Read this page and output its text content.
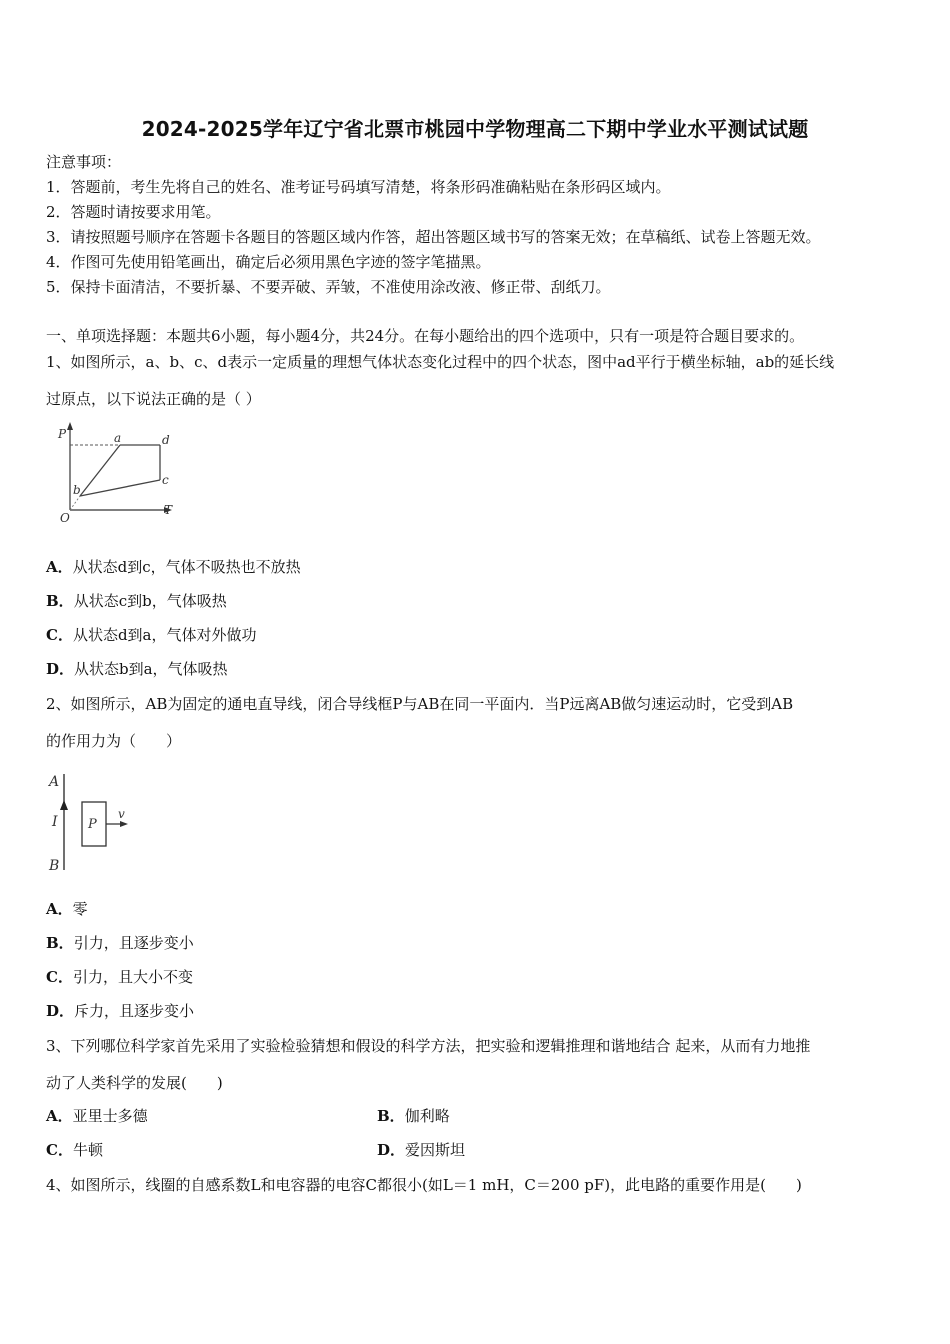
2024-2025学年辽宁省北票市桃园中学物理高二下期中学业水平测试试题
注意事项：
1．答题前，考生先将自己的姓名、准考证号码填写清楚，将条形码准确粘贴在条形码区域内。
2．答题时请按要求用笔。
3．请按照题号顺序在答题卡各题目的答题区域内作答，超出答题区域书写的答案无效；在草稿纸、试卷上答题无效。
4．作图可先使用铅笔画出，确定后必须用黑色字迹的签字笔描黑。
5．保持卡面清洁，不要折暴、不要弄破、弄皱，不准使用涂改液、修正带、刮纸刀。
一、单项选择题：本题共6小题，每小题4分，共24分。在每小题给出的四个选项中，只有一项是符合题目要求的。
1、如图所示，a、b、c、d表示一定质量的理想气体状态变化过程中的四个状态，图中ad平行于横坐标轴，ab的延长线
过原点，以下说法正确的是（ ）
P
T
O
a
b
c
d
A．从状态d到c，气体不吸热也不放热
B．从状态c到b，气体吸热
C．从状态d到a，气体对外做功
D．从状态b到a，气体吸热
2、如图所示，AB为固定的通电直导线，闭合导线框P与AB在同一平面内．当P远离AB做匀速运动时，它受到AB
的作用力为（　　）
A
B
I P
v
A．零
B．引力，且逐步变小
C．引力，且大小不变
D．斥力，且逐步变小
3、下列哪位科学家首先采用了实验检验猜想和假设的科学方法，把实验和逻辑推理和谐地结合 起来，从而有力地推
动了人类科学的发展(　　)
A．亚里士多德	B．伽利略
C．牛顿	D．爱因斯坦
4、如图所示，线圈的自感系数L和电容器的电容C都很小(如L＝1 mH，C＝200 pF)，此电路的重要作用是(　　)
